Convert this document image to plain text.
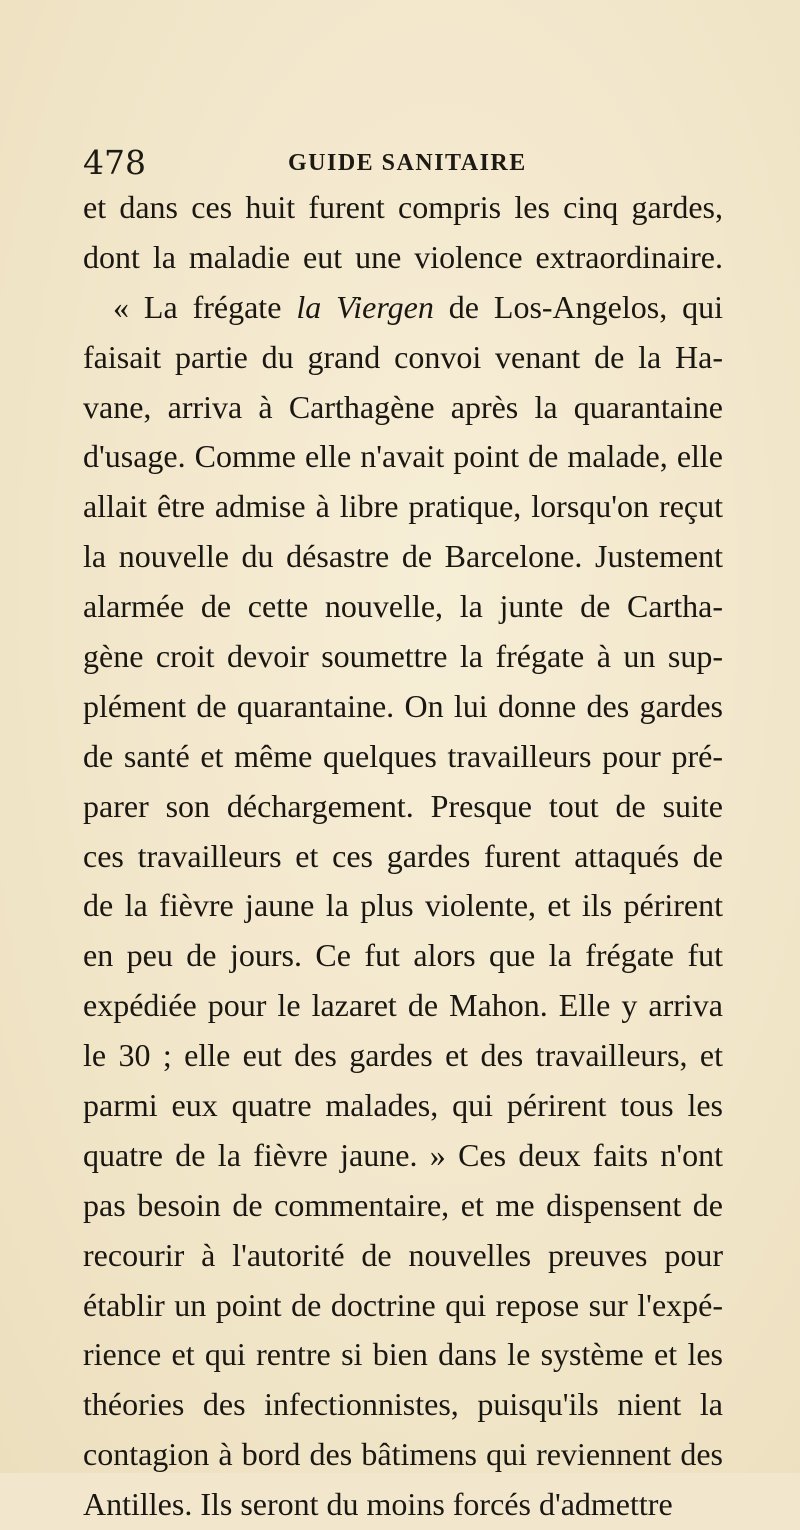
478	GUIDE SANITAIRE
et dans ces huit furent compris les cinq gardes,
dont la maladie eut une violence extraordinaire.
« La frégate la Viergen de Los-Angelos, qui
faisait partie du grand convoi venant de la Ha-
vane, arriva à Carthagène après la quarantaine
d'usage. Comme elle n'avait point de malade, elle
allait être admise à libre pratique, lorsqu'on reçut
la nouvelle du désastre de Barcelone. Justement
alarmée de cette nouvelle, la junte de Cartha-
gène croit devoir soumettre la frégate à un sup-
plément de quarantaine. On lui donne des gardes
de santé et même quelques travailleurs pour pré-
parer son déchargement. Presque tout de suite
ces travailleurs et ces gardes furent attaqués de
de la fièvre jaune la plus violente, et ils périrent
en peu de jours. Ce fut alors que la frégate fut
expédiée pour le lazaret de Mahon. Elle y arriva
le 30 ; elle eut des gardes et des travailleurs, et
parmi eux quatre malades, qui périrent tous les
quatre de la fièvre jaune. » Ces deux faits n'ont
pas besoin de commentaire, et me dispensent de
recourir à l'autorité de nouvelles preuves pour
établir un point de doctrine qui repose sur l'expé-
rience et qui rentre si bien dans le système et les
théories des infectionnistes, puisqu'ils nient la
contagion à bord des bâtimens qui reviennent des
Antilles. Ils seront du moins forcés d'admettre
